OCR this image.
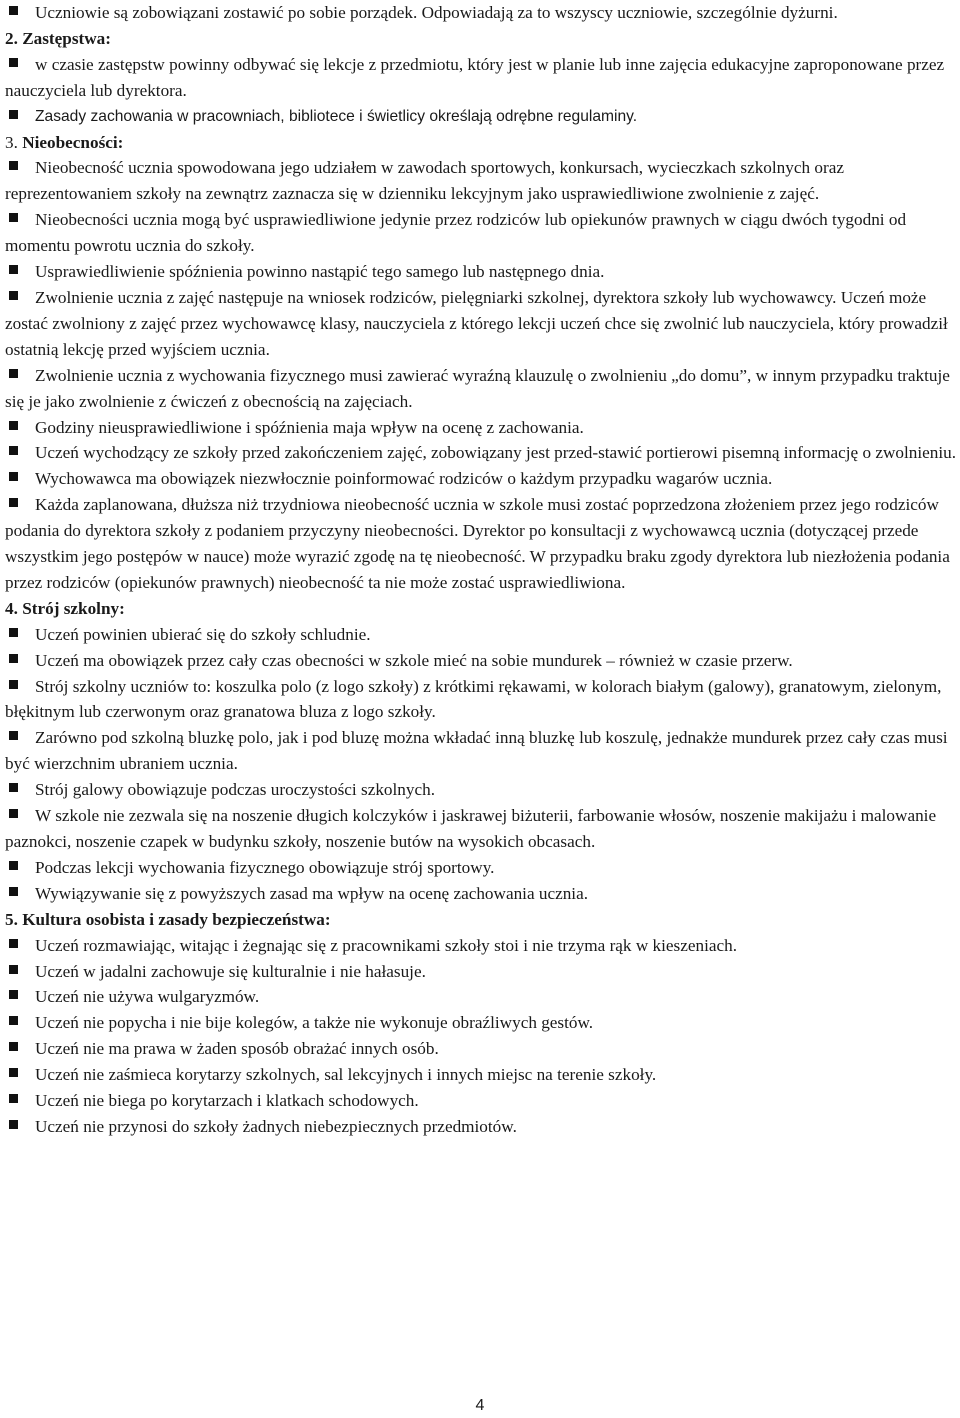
Uczniowie są zobowiązani zostawić po sobie porządek. Odpowiadają za to wszyscy uczniowie, szczególnie dyżurni.

2. Zastępstwa:

w czasie zastępstw powinny odbywać się lekcje z przedmiotu, który jest w planie lub inne zajęcia edukacyjne zaproponowane przez nauczyciela lub dyrektora.

Zasady zachowania w pracowniach, bibliotece i świetlicy określają odrębne regulaminy.

3. Nieobecności:

Nieobecność ucznia spowodowana jego udziałem w zawodach sportowych, konkursach, wycieczkach szkolnych oraz reprezentowaniem szkoły na zewnątrz zaznacza się w dzienniku lekcyjnym jako usprawiedliwione zwolnienie z zajęć.

Nieobecności ucznia mogą być usprawiedliwione jedynie przez rodziców lub opiekunów prawnych w ciągu dwóch tygodni od momentu powrotu ucznia do szkoły.

Usprawiedliwienie spóźnienia powinno nastąpić tego samego lub następnego dnia.

Zwolnienie ucznia z zajęć następuje na wniosek rodziców, pielęgniarki szkolnej, dyrektora szkoły lub wychowawcy. Uczeń może zostać zwolniony z zajęć przez wychowawcę klasy, nauczyciela z którego lekcji uczeń chce się zwolnić lub nauczyciela, który prowadził ostatnią lekcję przed wyjściem ucznia.

Zwolnienie ucznia z wychowania fizycznego musi zawierać wyraźną klauzulę o zwolnieniu „do domu”, w innym przypadku traktuje się je jako zwolnienie z ćwiczeń z obecnością na zajęciach.

Godziny nieusprawiedliwione i spóźnienia maja wpływ na ocenę z zachowania.

Uczeń wychodzący ze szkoły przed zakończeniem zajęć, zobowiązany jest przed-stawić portierowi pisemną informację o zwolnieniu.

Wychowawca ma obowiązek niezwłocznie poinformować rodziców o każdym przypadku wagarów ucznia.

Każda zaplanowana, dłuższa niż trzydniowa nieobecność ucznia w szkole musi zostać poprzedzona złożeniem przez jego rodziców podania do dyrektora szkoły z podaniem przyczyny nieobecności. Dyrektor po konsultacji z wychowawcą ucznia (dotyczącej przede wszystkim jego postępów w nauce) może wyrazić zgodę na tę nieobecność. W przypadku braku zgody dyrektora lub niezłożenia podania przez rodziców (opiekunów prawnych) nieobecność ta nie może zostać usprawiedliwiona.

4. Strój szkolny:

Uczeń powinien ubierać się do szkoły schludnie.

Uczeń ma obowiązek przez cały czas obecności w szkole mieć na sobie mundurek – również w czasie przerw.

Strój szkolny uczniów to: koszulka polo (z logo szkoły) z krótkimi rękawami, w kolorach białym (galowy), granatowym, zielonym, błękitnym lub czerwonym oraz granatowa bluza z logo szkoły.

Zarówno pod szkolną bluzkę polo, jak i pod bluzę można wkładać inną bluzkę lub koszulę, jednakże mundurek przez cały czas musi być wierzchnim ubraniem ucznia.

Strój galowy obowiązuje podczas uroczystości szkolnych.

W szkole nie zezwala się na noszenie długich kolczyków i jaskrawej biżuterii, farbowanie włosów, noszenie makijażu i malowanie paznokci, noszenie czapek w budynku szkoły, noszenie butów na wysokich obcasach.

Podczas lekcji wychowania fizycznego obowiązuje strój sportowy.

Wywiązywanie się z powyższych zasad ma wpływ na ocenę zachowania ucznia.

5. Kultura osobista i zasady bezpieczeństwa:

Uczeń rozmawiając, witając i żegnając się z pracownikami szkoły stoi i nie trzyma rąk w kieszeniach.

Uczeń w jadalni zachowuje się kulturalnie i nie hałasuje.

Uczeń nie używa wulgaryzmów.

Uczeń nie popycha i nie bije kolegów, a także nie wykonuje obraźliwych gestów.

Uczeń nie ma prawa w żaden sposób obrażać innych osób.

Uczeń nie zaśmieca korytarzy szkolnych, sal lekcyjnych i innych miejsc na terenie szkoły.

Uczeń nie biega po korytarzach i klatkach schodowych.

Uczeń nie przynosi do szkoły żadnych niebezpiecznych przedmiotów.

4
